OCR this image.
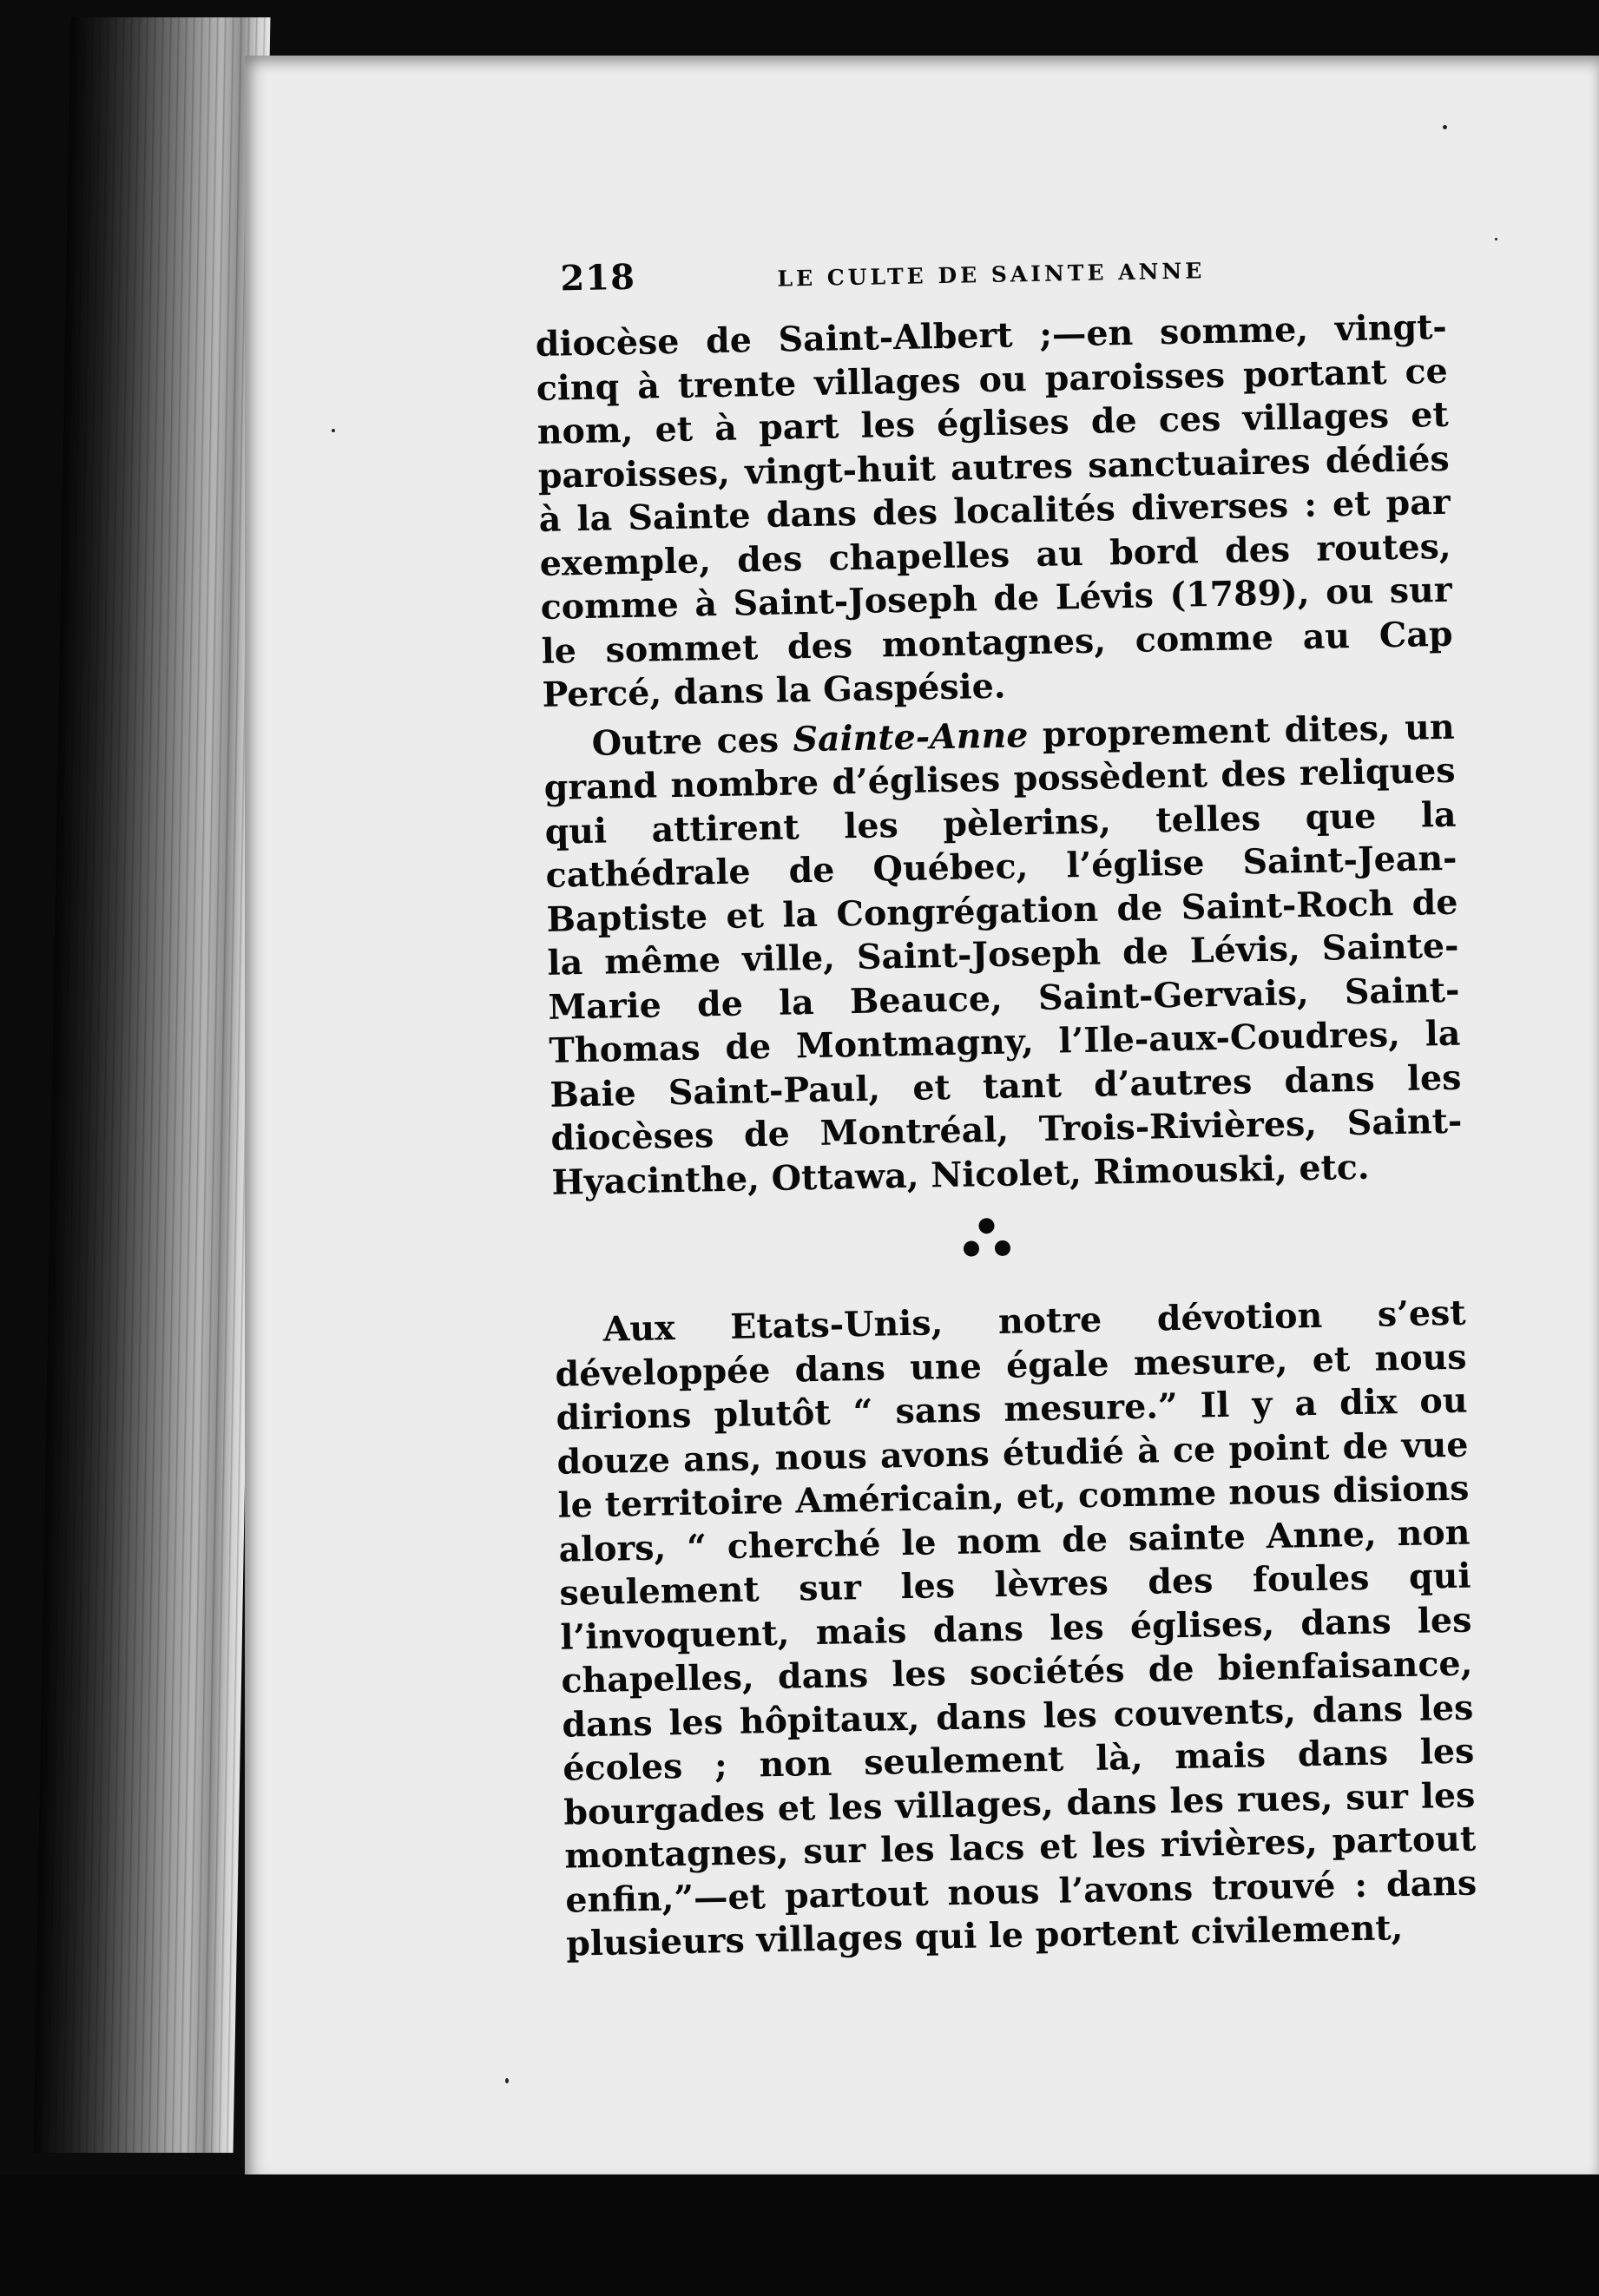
218	LE CULTE DE SAINTE ANNE

diocèse de Saint-Albert ;—en somme, vingt-cinq à trente villages ou paroisses portant ce nom, et à part les églises de ces villages et paroisses, vingt-huit autres sanctuaires dédiés à la Sainte dans des localités diverses : et par exemple, des chapelles au bord des routes, comme à Saint-Joseph de Lévis (1789), ou sur le sommet des montagnes, comme au Cap Percé, dans la Gaspésie.

Outre ces Sainte-Anne proprement dites, un grand nombre d’églises possèdent des reliques qui attirent les pèlerins, telles que la cathédrale de Québec, l’église Saint-Jean-Baptiste et la Congrégation de Saint-Roch de la même ville, Saint-Joseph de Lévis, Sainte-Marie de la Beauce, Saint-Gervais, Saint-Thomas de Montmagny, l’Ile-aux-Coudres, la Baie Saint-Paul, et tant d’autres dans les diocèses de Montréal, Trois-Rivières, Saint-Hyacinthe, Ottawa, Nicolet, Rimouski, etc.

Aux Etats-Unis, notre dévotion s’est développée dans une égale mesure, et nous dirions plutôt “ sans mesure.” Il y a dix ou douze ans, nous avons étudié à ce point de vue le territoire Américain, et, comme nous disions alors, “ cherché le nom de sainte Anne, non seulement sur les lèvres des foules qui l’invoquent, mais dans les églises, dans les chapelles, dans les sociétés de bienfaisance, dans les hôpitaux, dans les couvents, dans les écoles ; non seulement là, mais dans les bourgades et les villages, dans les rues, sur les montagnes, sur les lacs et les rivières, partout enfin,”—et partout nous l’avons trouvé : dans plusieurs villages qui le portent civilement,
